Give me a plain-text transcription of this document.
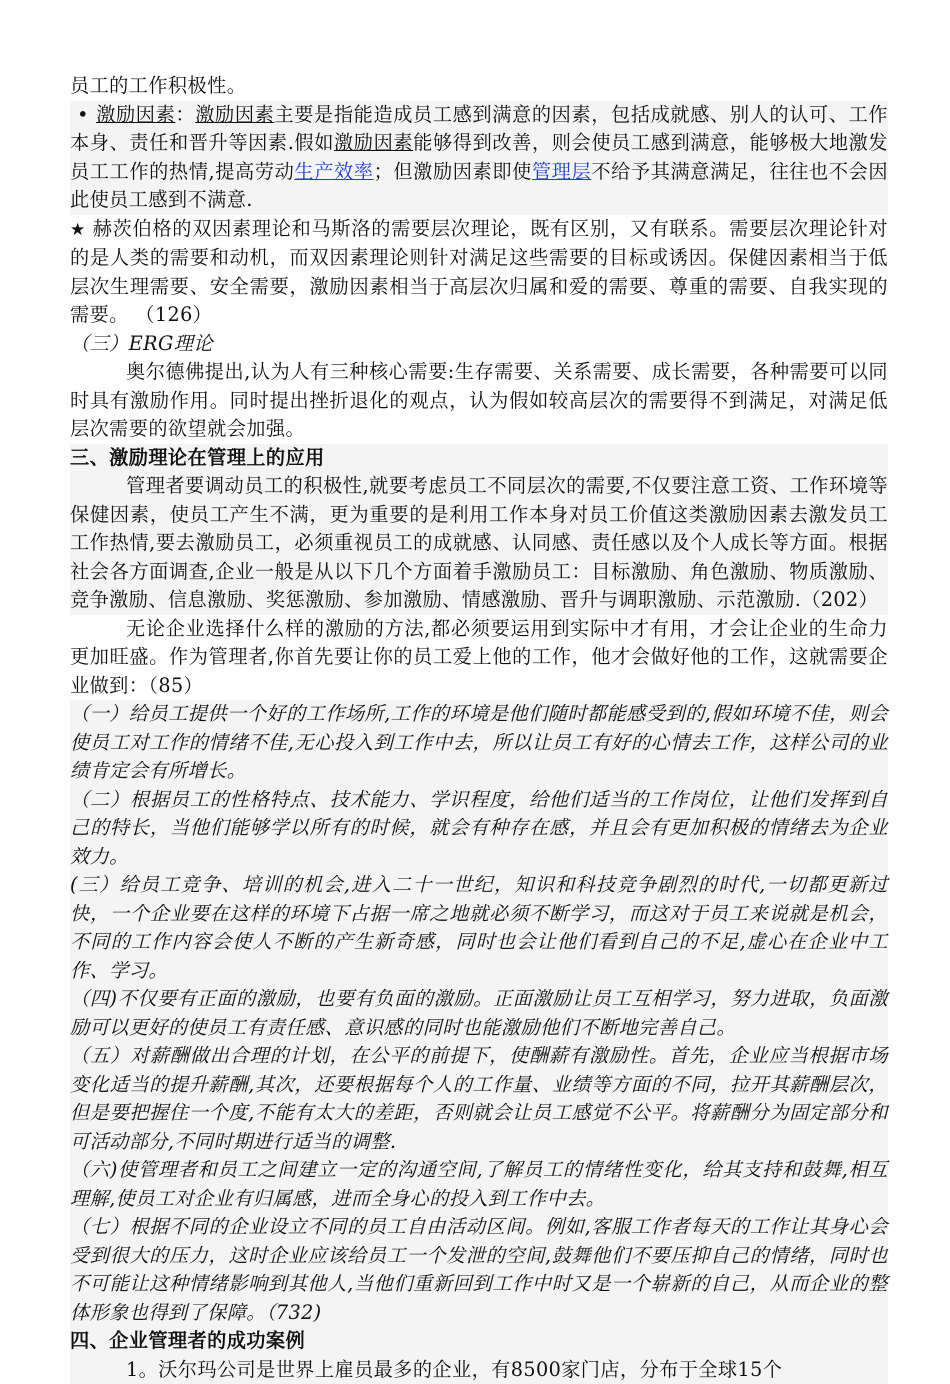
员工的工作积极性。

• 激励因素：激励因素主要是指能造成员工感到满意的因素，包括成就感、别人的认可、工作本身、责任和晋升等因素.假如激励因素能够得到改善，则会使员工感到满意，能够极大地激发员工工作的热情,提高劳动生产效率；但激励因素即使管理层不给予其满意满足，往往也不会因此使员工感到不满意.

★ 赫茨伯格的双因素理论和马斯洛的需要层次理论，既有区别，又有联系。需要层次理论针对的是人类的需要和动机，而双因素理论则针对满足这些需要的目标或诱因。保健因素相当于低层次生理需要、安全需要，激励因素相当于高层次归属和爱的需要、尊重的需要、自我实现的需要。 （126）

（三）ERG理论

奥尔德佛提出,认为人有三种核心需要:生存需要、关系需要、成长需要，各种需要可以同时具有激励作用。同时提出挫折退化的观点，认为假如较高层次的需要得不到满足，对满足低层次需要的欲望就会加强。

三、激励理论在管理上的应用

管理者要调动员工的积极性,就要考虑员工不同层次的需要,不仅要注意工资、工作环境等保健因素，使员工产生不满，更为重要的是利用工作本身对员工价值这类激励因素去激发员工工作热情,要去激励员工，必须重视员工的成就感、认同感、责任感以及个人成长等方面。根据社会各方面调查,企业一般是从以下几个方面着手激励员工：目标激励、角色激励、物质激励、竞争激励、信息激励、奖惩激励、参加激励、情感激励、晋升与调职激励、示范激励.（202）

无论企业选择什么样的激励的方法,都必须要运用到实际中才有用，才会让企业的生命力更加旺盛。作为管理者,你首先要让你的员工爱上他的工作，他才会做好他的工作，这就需要企业做到：（85）

（一）给员工提供一个好的工作场所,工作的环境是他们随时都能感受到的,假如环境不佳，则会使员工对工作的情绪不佳,无心投入到工作中去，所以让员工有好的心情去工作，这样公司的业绩肯定会有所增长。

（二）根据员工的性格特点、技术能力、学识程度，给他们适当的工作岗位，让他们发挥到自己的特长，当他们能够学以所有的时候，就会有种存在感，并且会有更加积极的情绪去为企业效力。

(三）给员工竞争、培训的机会,进入二十一世纪，知识和科技竞争剧烈的时代,一切都更新过快，一个企业要在这样的环境下占据一席之地就必须不断学习，而这对于员工来说就是机会，不同的工作内容会使人不断的产生新奇感，同时也会让他们看到自己的不足,虚心在企业中工作、学习。

（四)不仅要有正面的激励，也要有负面的激励。正面激励让员工互相学习，努力进取，负面激励可以更好的使员工有责任感、意识感的同时也能激励他们不断地完善自己。

（五）对薪酬做出合理的计划，在公平的前提下，使酬薪有激励性。首先，企业应当根据市场变化适当的提升薪酬,其次，还要根据每个人的工作量、业绩等方面的不同，拉开其薪酬层次，但是要把握住一个度,不能有太大的差距，否则就会让员工感觉不公平。将薪酬分为固定部分和可活动部分,不同时期进行适当的调整.

（六)使管理者和员工之间建立一定的沟通空间,了解员工的情绪性变化，给其支持和鼓舞,相互理解,使员工对企业有归属感，进而全身心的投入到工作中去。

（七）根据不同的企业设立不同的员工自由活动区间。例如,客服工作者每天的工作让其身心会受到很大的压力，这时企业应该给员工一个发泄的空间,鼓舞他们不要压抑自己的情绪，同时也不可能让这种情绪影响到其他人,当他们重新回到工作中时又是一个崭新的自己，从而企业的整体形象也得到了保障。（732)

四、企业管理者的成功案例

1。沃尔玛公司是世界上雇员最多的企业，有8500家门店，分布于全球15个
